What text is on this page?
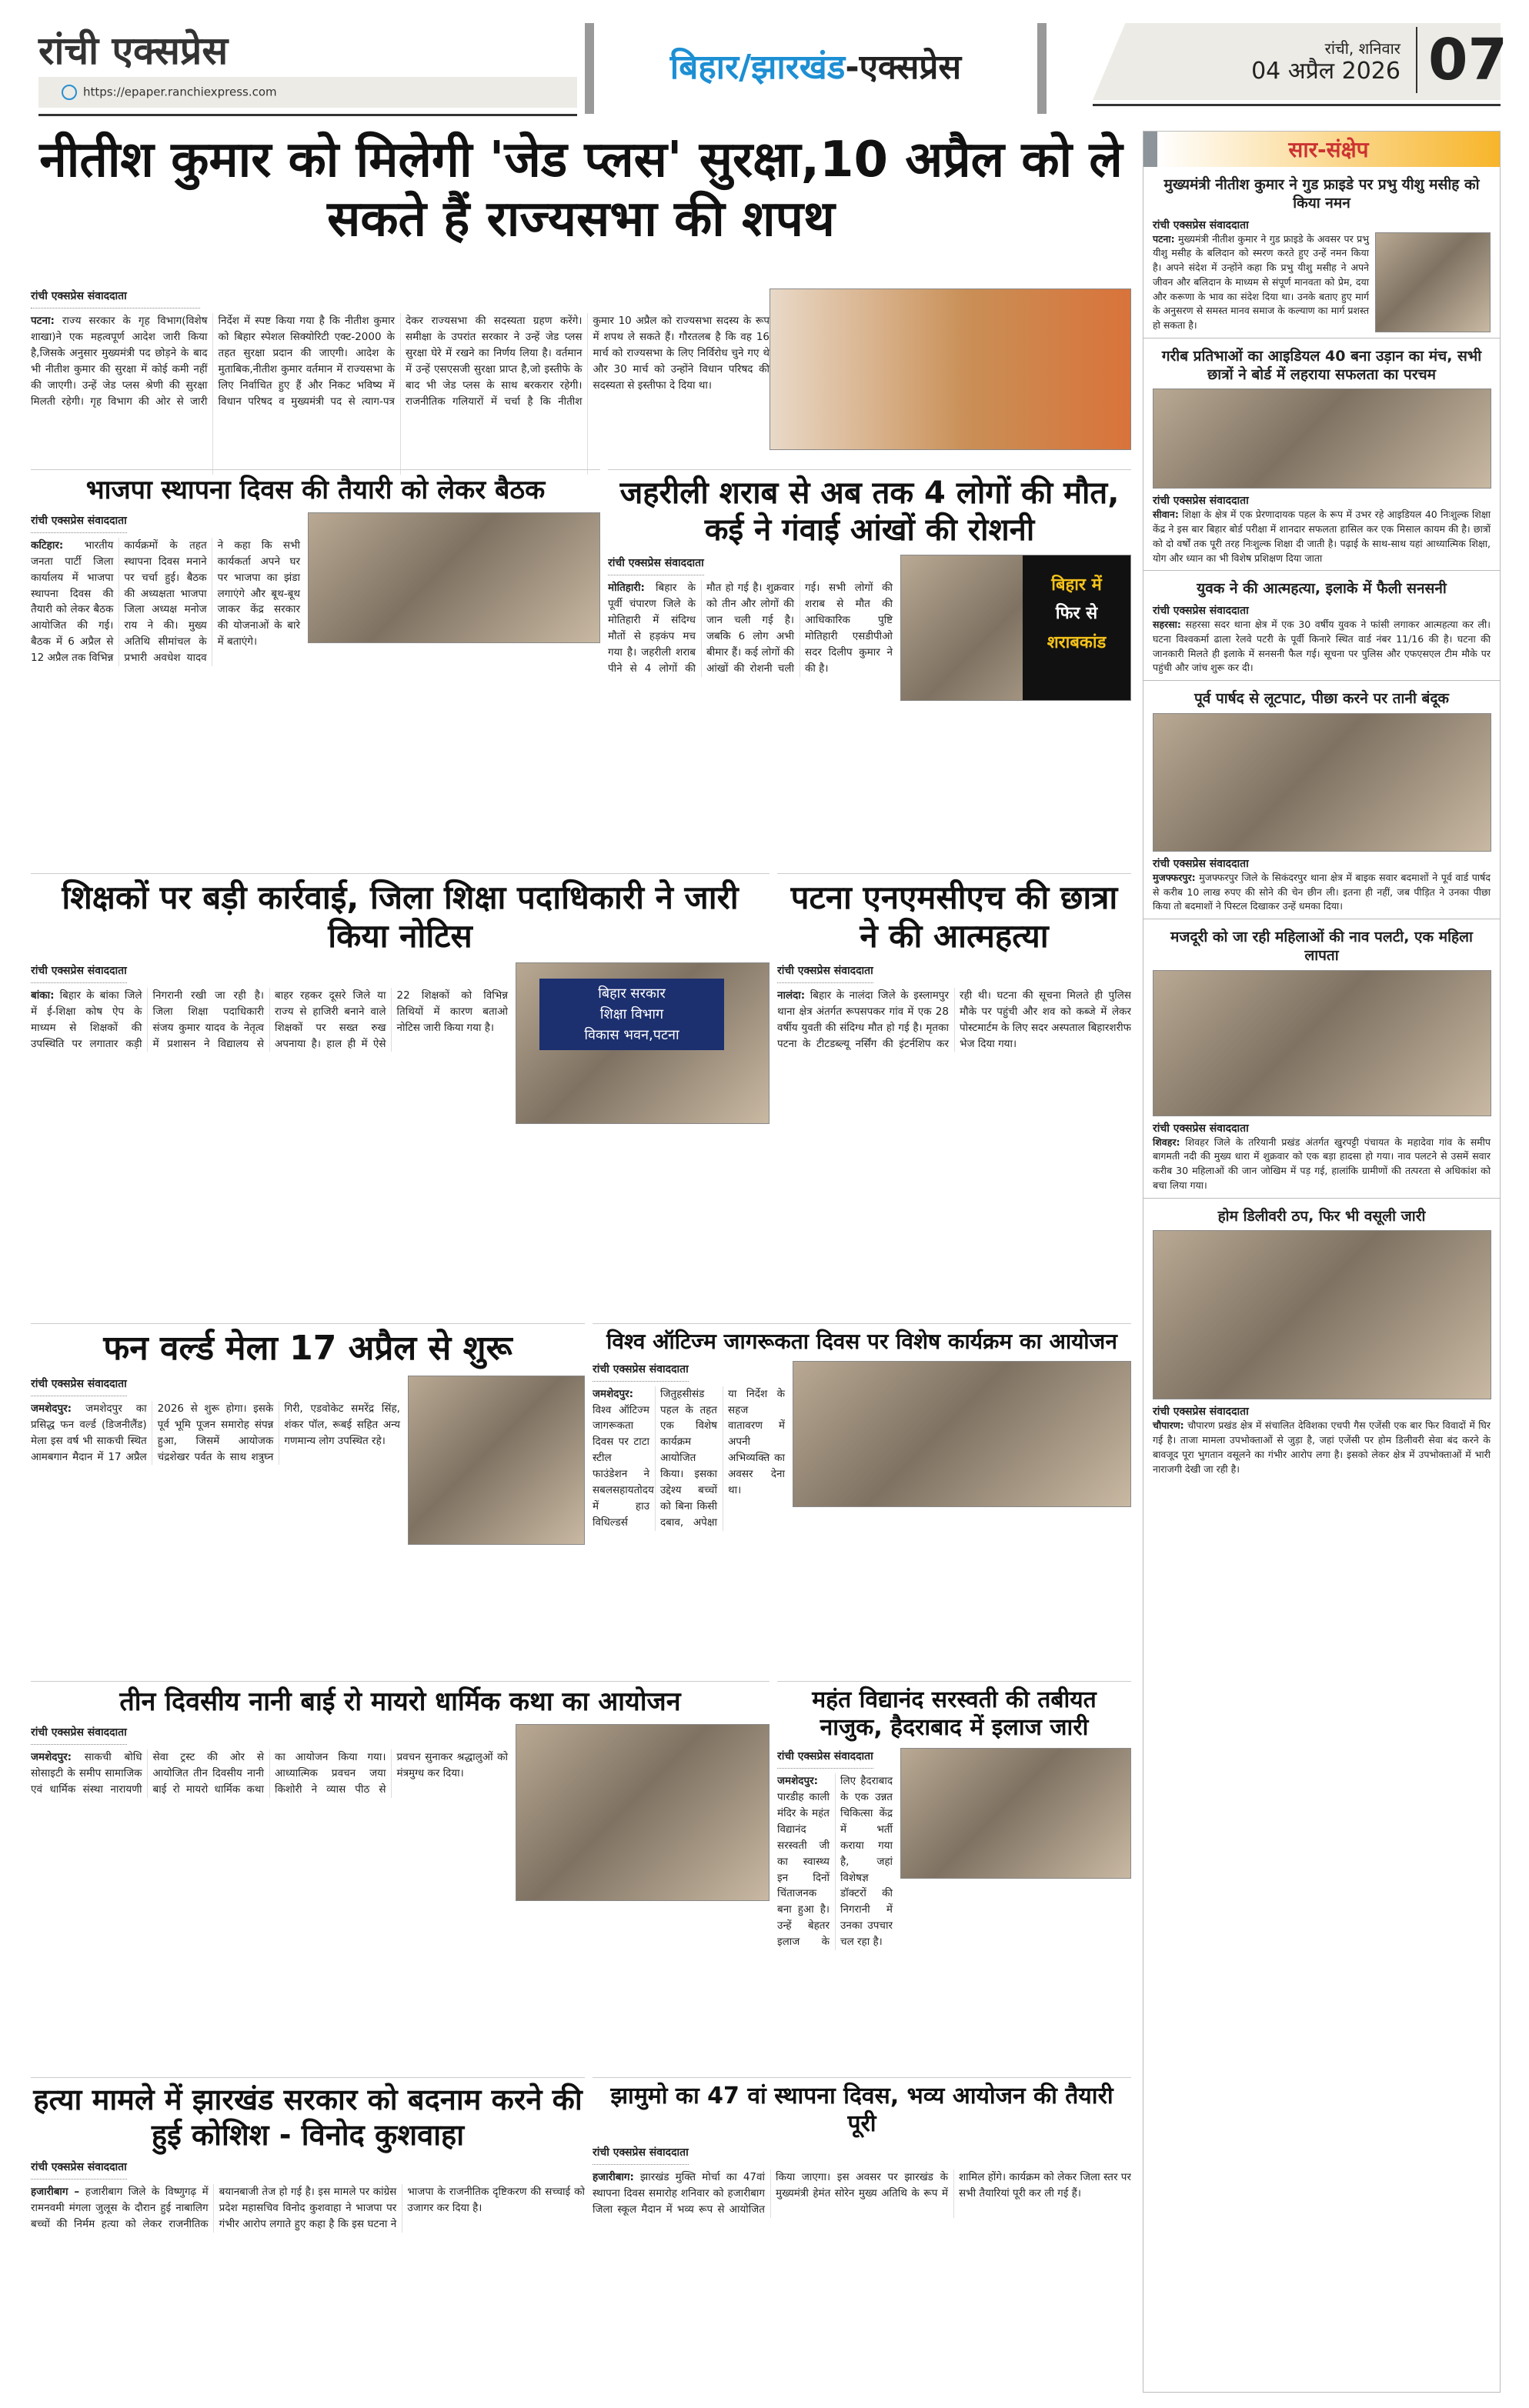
रांची एक्सप्रेस
https://epaper.ranchiexpress.com
बिहार/झारखंड-एक्सप्रेस	रांची, शनिवार
04 अप्रैल 2026 07
नीतीश कुमार को मिलेगी 'जेड प्लस' सुरक्षा,10 अप्रैल को ले सकते हैं राज्यसभा की शपथ
रांची एक्सप्रेस संवाददाता
पटना: राज्य सरकार के गृह विभाग(विशेष शाखा)ने एक महत्वपूर्ण आदेश जारी किया है,जिसके अनुसार मुख्यमंत्री पद छोड़ने के बाद भी नीतीश कुमार की सुरक्षा में कोई कमी नहीं की जाएगी। उन्हें जेड प्लस श्रेणी की सुरक्षा मिलती रहेगी। गृह विभाग की ओर से जारी निर्देश में स्पष्ट किया गया है कि नीतीश कुमार को बिहार स्पेशल सिक्योरिटी एक्ट-2000 के तहत सुरक्षा प्रदान की जाएगी। आदेश के मुताबिक,नीतीश कुमार वर्तमान में राज्यसभा के लिए निर्वाचित हुए हैं और निकट भविष्य में विधान परिषद व मुख्यमंत्री पद से त्याग-पत्र देकर राज्यसभा की सदस्यता ग्रहण करेंगे। समीक्षा के उपरांत सरकार ने उन्हें जेड प्लस सुरक्षा घेरे में रखने का निर्णय लिया है। वर्तमान में उन्हें एसएसजी सुरक्षा प्राप्त है,जो इस्तीफे के बाद भी जेड प्लस के साथ बरकरार रहेगी। राजनीतिक गलियारों में चर्चा है कि नीतीश कुमार 10 अप्रैल को राज्यसभा सदस्य के रूप में शपथ ले सकते हैं। गौरतलब है कि वह 16 मार्च को राज्यसभा के लिए निर्विरोध चुने गए थे और 30 मार्च को उन्होंने विधान परिषद की सदस्यता से इस्तीफा दे दिया था।
भाजपा स्थापना दिवस की तैयारी को लेकर बैठक
रांची एक्सप्रेस संवाददाता
कटिहार: भारतीय जनता पार्टी जिला कार्यालय में भाजपा स्थापना दिवस की तैयारी को लेकर बैठक आयोजित की गई। बैठक में 6 अप्रैल से 12 अप्रैल तक विभिन्न कार्यक्रमों के तहत स्थापना दिवस मनाने पर चर्चा हुई। बैठक की अध्यक्षता भाजपा जिला अध्यक्ष मनोज राय ने की। मुख्य अतिथि सीमांचल के प्रभारी अवधेश यादव ने कहा कि सभी कार्यकर्ता अपने घर पर भाजपा का झंडा लगाएंगे और बूथ-बूथ जाकर केंद्र सरकार की योजनाओं के बारे में बताएंगे।
जहरीली शराब से अब तक 4 लोगों की मौत, कई ने गंवाई आंखों की रोशनी
बिहार में
फिर से
शराबकांड
रांची एक्सप्रेस संवाददाता
मोतिहारी: बिहार के पूर्वी चंपारण जिले के मोतिहारी में संदिग्ध मौतों से हड़कंप मच गया है। जहरीली शराब पीने से 4 लोगों की मौत हो गई है। शुक्रवार को तीन और लोगों की जान चली गई है। जबकि 6 लोग अभी बीमार हैं। कई लोगों की आंखों की रोशनी चली गई। सभी लोगों की शराब से मौत की आधिकारिक पुष्टि मोतिहारी एसडीपीओ सदर दिलीप कुमार ने की है।
शिक्षकों पर बड़ी कार्रवाई, जिला शिक्षा पदाधिकारी ने जारी किया नोटिस
बिहार सरकार
शिक्षा विभाग
विकास भवन,पटना
रांची एक्सप्रेस संवाददाता
बांका: बिहार के बांका जिले में ई-शिक्षा कोष ऐप के माध्यम से शिक्षकों की उपस्थिति पर लगातार कड़ी निगरानी रखी जा रही है। जिला शिक्षा पदाधिकारी संजय कुमार यादव के नेतृत्व में प्रशासन ने विद्यालय से बाहर रहकर दूसरे जिले या राज्य से हाजिरी बनाने वाले शिक्षकों पर सख्त रुख अपनाया है। हाल ही में ऐसे 22 शिक्षकों को विभिन्न तिथियों में कारण बताओ नोटिस जारी किया गया है।
पटना एनएमसीएच की छात्रा ने की आत्महत्या
रांची एक्सप्रेस संवाददाता
नालंदा: बिहार के नालंदा जिले के इस्लामपुर थाना क्षेत्र अंतर्गत रूपसपकर गांव में एक 28 वर्षीय युवती की संदिग्ध मौत हो गई है। मृतका पटना के टीटडब्ल्यू नर्सिंग की इंटर्नशिप कर रही थी। घटना की सूचना मिलते ही पुलिस मौके पर पहुंची और शव को कब्जे में लेकर पोस्टमार्टम के लिए सदर अस्पताल बिहारशरीफ भेज दिया गया।
फन वर्ल्ड मेला 17 अप्रैल से शुरू
रांची एक्सप्रेस संवाददाता
जमशेदपुर: जमशेदपुर का प्रसिद्ध फन वर्ल्ड (डिजनीलैंड) मेला इस वर्ष भी साकची स्थित आमबगान मैदान में 17 अप्रैल 2026 से शुरू होगा। इसके पूर्व भूमि पूजन समारोह संपन्न हुआ, जिसमें आयोजक चंद्रशेखर पर्वत के साथ शत्रुघ्न गिरी, एडवोकेट समरेंद्र सिंह, शंकर पॉल, रूबई सहित अन्य गणमान्य लोग उपस्थित रहे।
विश्व ऑटिज्म जागरूकता दिवस पर विशेष कार्यक्रम का आयोजन
रांची एक्सप्रेस संवाददाता
जमशेदपुर: विश्व ऑटिज्म जागरूकता दिवस पर टाटा स्टील फाउंडेशन ने सबलसहायतोदय में हाउ विधिल्डर्स जितुहसीसंड पहल के तहत एक विशेष कार्यक्रम आयोजित किया। इसका उद्देश्य बच्चों को बिना किसी दबाव, अपेक्षा या निर्देश के सहज वातावरण में अपनी अभिव्यक्ति का अवसर देना था।
तीन दिवसीय नानी बाई रो मायरो धार्मिक कथा का आयोजन
रांची एक्सप्रेस संवाददाता
जमशेदपुर: साकची बोधि सोसाइटी के समीप सामाजिक एवं धार्मिक संस्था नारायणी सेवा ट्रस्ट की ओर से आयोजित तीन दिवसीय नानी बाई रो मायरो धार्मिक कथा का आयोजन किया गया। आध्यात्मिक प्रवचन जया किशोरी ने व्यास पीठ से प्रवचन सुनाकर श्रद्धालुओं को मंत्रमुग्ध कर दिया।
महंत विद्यानंद सरस्वती की तबीयत नाजुक, हैदराबाद में इलाज जारी
रांची एक्सप्रेस संवाददाता
जमशेदपुर: पारडीह काली मंदिर के महंत विद्यानंद सरस्वती जी का स्वास्थ्य इन दिनों चिंताजनक बना हुआ है। उन्हें बेहतर इलाज के लिए हैदराबाद के एक उन्नत चिकित्सा केंद्र में भर्ती कराया गया है, जहां विशेषज्ञ डॉक्टरों की निगरानी में उनका उपचार चल रहा है।
हत्या मामले में झारखंड सरकार को बदनाम करने की हुई कोशिश - विनोद कुशवाहा
रांची एक्सप्रेस संवाददाता
हजारीबाग – हजारीबाग जिले के विष्णुगढ़ में रामनवमी मंगला जुलूस के दौरान हुई नाबालिग बच्चों की निर्मम हत्या को लेकर राजनीतिक बयानबाजी तेज हो गई है। इस मामले पर कांग्रेस प्रदेश महासचिव विनोद कुशवाहा ने भाजपा पर गंभीर आरोप लगाते हुए कहा है कि इस घटना ने भाजपा के राजनीतिक दृष्टिकरण की सच्चाई को उजागर कर दिया है।
झामुमो का 47 वां स्थापना दिवस, भव्य आयोजन की तैयारी पूरी
रांची एक्सप्रेस संवाददाता
हजारीबाग: झारखंड मुक्ति मोर्चा का 47वां स्थापना दिवस समारोह शनिवार को हजारीबाग जिला स्कूल मैदान में भव्य रूप से आयोजित किया जाएगा। इस अवसर पर झारखंड के मुख्यमंत्री हेमंत सोरेन मुख्य अतिथि के रूप में शामिल होंगे। कार्यक्रम को लेकर जिला स्तर पर सभी तैयारियां पूरी कर ली गई हैं।
सार-संक्षेप
मुख्यमंत्री नीतीश कुमार ने गुड फ्राइडे पर प्रभु यीशु मसीह को किया नमन
रांची एक्सप्रेस संवाददाता
पटना: मुख्यमंत्री नीतीश कुमार ने गुड फ्राइडे के अवसर पर प्रभु यीशु मसीह के बलिदान को स्मरण करते हुए उन्हें नमन किया है। अपने संदेश में उन्होंने कहा कि प्रभु यीशु मसीह ने अपने जीवन और बलिदान के माध्यम से संपूर्ण मानवता को प्रेम, दया और करूणा के भाव का संदेश दिया था। उनके बताए हुए मार्ग के अनुसरण से समस्त मानव समाज के कल्याण का मार्ग प्रशस्त हो सकता है।
गरीब प्रतिभाओं का आइडियल 40 बना उड़ान का मंच, सभी छात्रों ने बोर्ड में लहराया सफलता का परचम
रांची एक्सप्रेस संवाददाता
सीवान: शिक्षा के क्षेत्र में एक प्रेरणादायक पहल के रूप में उभर रहे आइडियल 40 निःशुल्क शिक्षा केंद्र ने इस बार बिहार बोर्ड परीक्षा में शानदार सफलता हासिल कर एक मिसाल कायम की है। छात्रों को दो वर्षों तक पूरी तरह निःशुल्क शिक्षा दी जाती है। पढ़ाई के साथ-साथ यहां आध्यात्मिक शिक्षा, योग और ध्यान का भी विशेष प्रशिक्षण दिया जाता
युवक ने की आत्महत्या, इलाके में फैली सनसनी
रांची एक्सप्रेस संवाददाता
सहरसा: सहरसा सदर थाना क्षेत्र में एक 30 वर्षीय युवक ने फांसी लगाकर आत्महत्या कर ली। घटना विश्वकर्मा ढाला रेलवे पटरी के पूर्वी किनारे स्थित वार्ड नंबर 11/16 की है। घटना की जानकारी मिलते ही इलाके में सनसनी फैल गई। सूचना पर पुलिस और एफएसएल टीम मौके पर पहुंची और जांच शुरू कर दी।
पूर्व पार्षद से लूटपाट, पीछा करने पर तानी बंदूक
रांची एक्सप्रेस संवाददाता
मुजफ्फरपुर: मुजफ्फरपुर जिले के सिकंदरपुर थाना क्षेत्र में बाइक सवार बदमाशों ने पूर्व वार्ड पार्षद से करीब 10 लाख रुपए की सोने की चेन छीन ली। इतना ही नहीं, जब पीड़ित ने उनका पीछा किया तो बदमाशों ने पिस्टल दिखाकर उन्हें धमका दिया।
मजदूरी को जा रही महिलाओं की नाव पलटी, एक महिला लापता
रांची एक्सप्रेस संवाददाता
शिवहर: शिवहर जिले के तरियानी प्रखंड अंतर्गत खुरपट्टी पंचायत के महादेवा गांव के समीप बागमती नदी की मुख्य धारा में शुक्रवार को एक बड़ा हादसा हो गया। नाव पलटने से उसमें सवार करीब 30 महिलाओं की जान जोखिम में पड़ गई, हालांकि ग्रामीणों की तत्परता से अधिकांश को बचा लिया गया।
होम डिलीवरी ठप, फिर भी वसूली जारी
रांची एक्सप्रेस संवाददाता
चौपारण: चौपारण प्रखंड क्षेत्र में संचालित देविशका एचपी गैस एजेंसी एक बार फिर विवादों में घिर गई है। ताजा मामला उपभोक्ताओं से जुड़ा है, जहां एजेंसी पर होम डिलीवरी सेवा बंद करने के बावजूद पूरा भुगतान वसूलने का गंभीर आरोप लगा है। इसको लेकर क्षेत्र में उपभोक्ताओं में भारी नाराजगी देखी जा रही है।
